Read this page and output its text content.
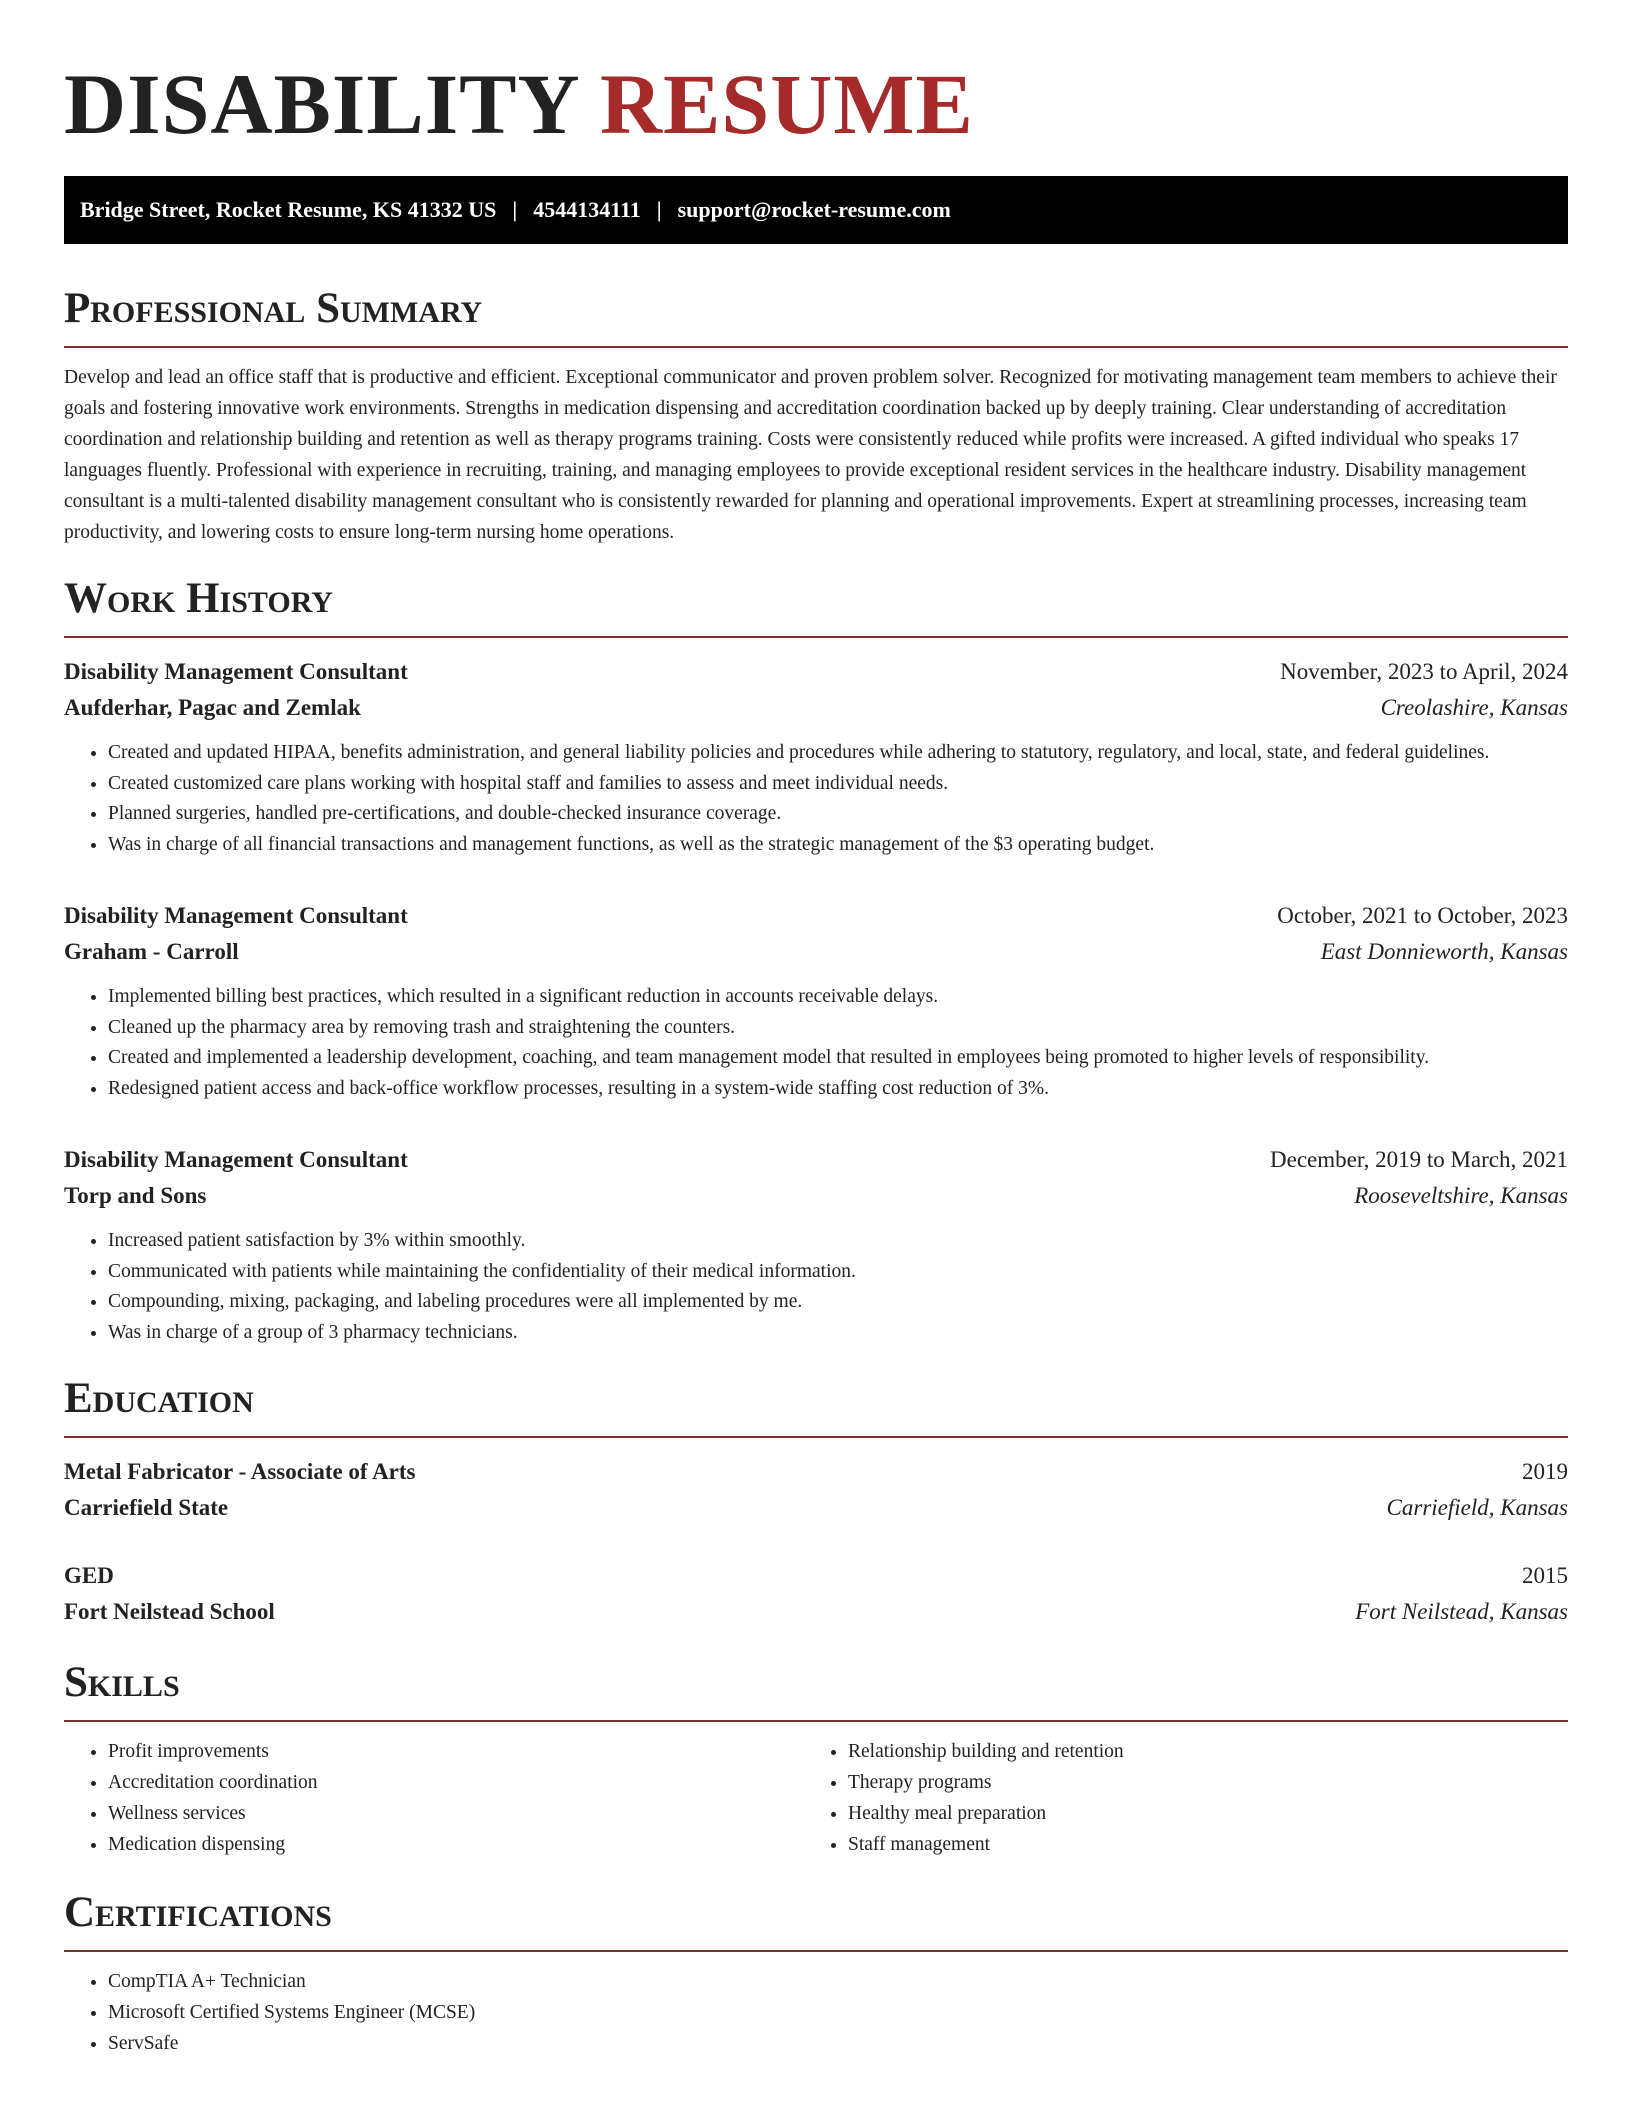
DISABILITY RESUME
Bridge Street, Rocket Resume, KS 41332 US | 4544134111 | support@rocket-resume.com
Professional Summary

Develop and lead an office staff that is productive and efficient. Exceptional communicator and proven problem solver. Recognized for motivating management team members to achieve their goals and fostering innovative work environments. Strengths in medication dispensing and accreditation coordination backed up by deeply training. Clear understanding of accreditation coordination and relationship building and retention as well as therapy programs training. Costs were consistently reduced while profits were increased. A gifted individual who speaks 17 languages fluently. Professional with experience in recruiting, training, and managing employees to provide exceptional resident services in the healthcare industry. Disability management consultant is a multi-talented disability management consultant who is consistently rewarded for planning and operational improvements. Expert at streamlining processes, increasing team productivity, and lowering costs to ensure long-term nursing home operations.

Work History
Disability Management Consultant	November, 2023 to April, 2024
Aufderhar, Pagac and Zemlak	Creolashire, Kansas
• Created and updated HIPAA, benefits administration, and general liability policies and procedures while adhering to statutory, regulatory, and local, state, and federal guidelines.
• Created customized care plans working with hospital staff and families to assess and meet individual needs.
• Planned surgeries, handled pre-certifications, and double-checked insurance coverage.
• Was in charge of all financial transactions and management functions, as well as the strategic management of the $3 operating budget.
Disability Management Consultant	October, 2021 to October, 2023
Graham - Carroll	East Donnieworth, Kansas
• Implemented billing best practices, which resulted in a significant reduction in accounts receivable delays.
• Cleaned up the pharmacy area by removing trash and straightening the counters.
• Created and implemented a leadership development, coaching, and team management model that resulted in employees being promoted to higher levels of responsibility.
• Redesigned patient access and back-office workflow processes, resulting in a system-wide staffing cost reduction of 3%.
Disability Management Consultant	December, 2019 to March, 2021
Torp and Sons	Rooseveltshire, Kansas
• Increased patient satisfaction by 3% within smoothly.
• Communicated with patients while maintaining the confidentiality of their medical information.
• Compounding, mixing, packaging, and labeling procedures were all implemented by me.
• Was in charge of a group of 3 pharmacy technicians.
Education
Metal Fabricator - Associate of Arts	2019
Carriefield State	Carriefield, Kansas
GED	2015
Fort Neilstead School	Fort Neilstead, Kansas
Skills
• Profit improvements
• Accreditation coordination
• Wellness services
• Medication dispensing
• Relationship building and retention
• Therapy programs
• Healthy meal preparation
• Staff management
Certifications
• CompTIA A+ Technician
• Microsoft Certified Systems Engineer (MCSE)
• ServSafe
